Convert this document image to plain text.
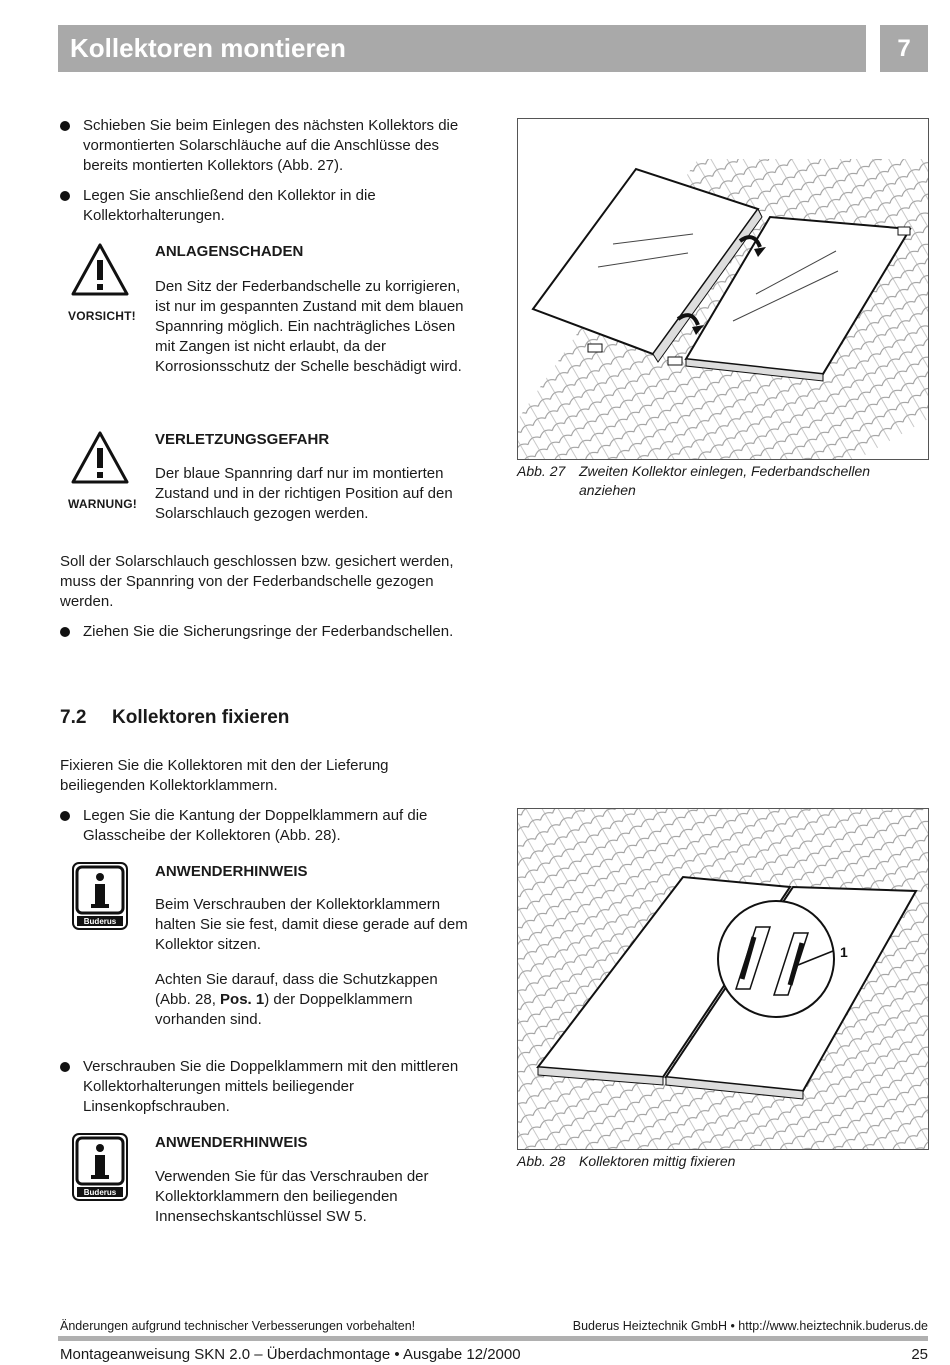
Kollektoren montieren	7
Schieben Sie beim Einlegen des nächsten Kollektors die vormontierten Solarschläuche auf die Anschlüsse des bereits montierten Kollektors (Abb. 27).
Legen Sie anschließend den Kollektor in die Kollektorhalterungen.
VORSICHT!
ANLAGENSCHADEN
Den Sitz der Federbandschelle zu korrigieren, ist nur im gespannten Zustand mit dem blauen Spannring möglich. Ein nachträgliches Lösen mit Zangen ist nicht erlaubt, da der Korrosionsschutz der Schelle beschädigt wird.
WARNUNG!
VERLETZUNGSGEFAHR
Der blaue Spannring darf nur im montierten Zustand und in der richtigen Position auf den Solarschlauch gezogen werden.
Soll der Solarschlauch geschlossen bzw. gesichert werden, muss der Spannring von der Federbandschelle gezogen werden.
Ziehen Sie die Sicherungsringe der Federbandschellen.
7.2 Kollektoren fixieren
Fixieren Sie die Kollektoren mit den der Lieferung beiliegenden Kollektorklammern.
Legen Sie die Kantung der Doppelklammern auf die Glasscheibe der Kollektoren (Abb. 28).
Buderus
ANWENDERHINWEIS
Beim Verschrauben der Kollektorklammern halten Sie sie fest, damit diese gerade auf dem Kollektor sitzen.
Achten Sie darauf, dass die Schutzkappen (Abb. 28, Pos. 1) der Doppelklammern vorhanden sind.
Verschrauben Sie die Doppelklammern mit den mittleren Kollektorhalterungen mittels beiliegender Linsenkopfschrauben.
Buderus
ANWENDERHINWEIS
Verwenden Sie für das Verschrauben der Kollektorklammern den beiliegenden Innensechskantschlüssel SW 5.
Abb. 27 Zweiten Kollektor einlegen, Federbandschellen anziehen
1
Abb. 28 Kollektoren mittig fixieren
Änderungen aufgrund technischer Verbesserungen vorbehalten!	Buderus Heiztechnik GmbH • http://www.heiztechnik.buderus.de
Montageanweisung SKN 2.0 – Überdachmontage • Ausgabe 12/2000	25
